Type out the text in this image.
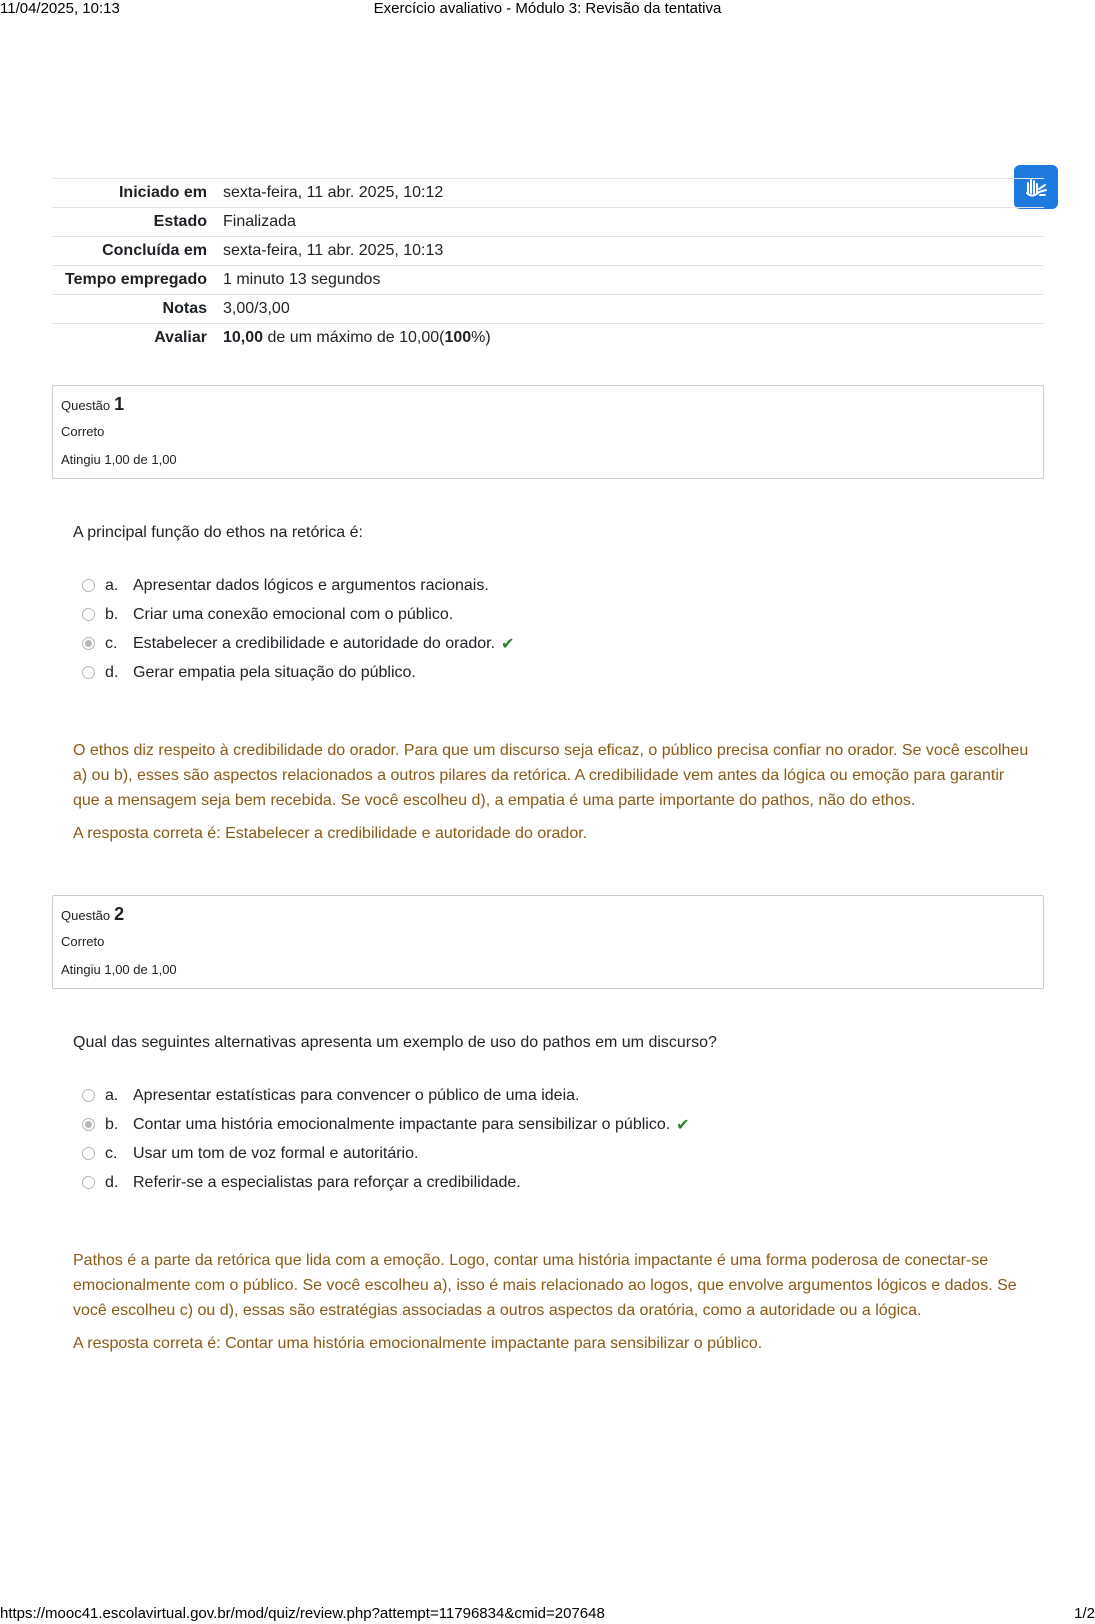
11/04/2025, 10:13	Exercício avaliativo - Módulo 3: Revisão da tentativa
Iniciado em	sexta-feira, 11 abr. 2025, 10:12
Estado	Finalizada
Concluída em	sexta-feira, 11 abr. 2025, 10:13
Tempo empregado	1 minuto 13 segundos
Notas	3,00/3,00
Avaliar	10,00 de um máximo de 10,00(100%)
Questão 1
Correto
Atingiu 1,00 de 1,00
A principal função do ethos na retórica é:
a. Apresentar dados lógicos e argumentos racionais.
b. Criar uma conexão emocional com o público.
c. Estabelecer a credibilidade e autoridade do orador. ✔
d. Gerar empatia pela situação do público.

O ethos diz respeito à credibilidade do orador. Para que um discurso seja eficaz, o público precisa confiar no orador. Se você escolheu a) ou b), esses são aspectos relacionados a outros pilares da retórica. A credibilidade vem antes da lógica ou emoção para garantir que a mensagem seja bem recebida. Se você escolheu d), a empatia é uma parte importante do pathos, não do ethos.

A resposta correta é: Estabelecer a credibilidade e autoridade do orador.

Questão 2
Correto
Atingiu 1,00 de 1,00
Qual das seguintes alternativas apresenta um exemplo de uso do pathos em um discurso?
a. Apresentar estatísticas para convencer o público de uma ideia.
b. Contar uma história emocionalmente impactante para sensibilizar o público. ✔
c. Usar um tom de voz formal e autoritário.
d. Referir-se a especialistas para reforçar a credibilidade.

Pathos é a parte da retórica que lida com a emoção. Logo, contar uma história impactante é uma forma poderosa de conectar-se emocionalmente com o público. Se você escolheu a), isso é mais relacionado ao logos, que envolve argumentos lógicos e dados. Se você escolheu c) ou d), essas são estratégias associadas a outros aspectos da oratória, como a autoridade ou a lógica.

A resposta correta é: Contar uma história emocionalmente impactante para sensibilizar o público.

https://mooc41.escolavirtual.gov.br/mod/quiz/review.php?attempt=11796834&cmid=207648	1/2
